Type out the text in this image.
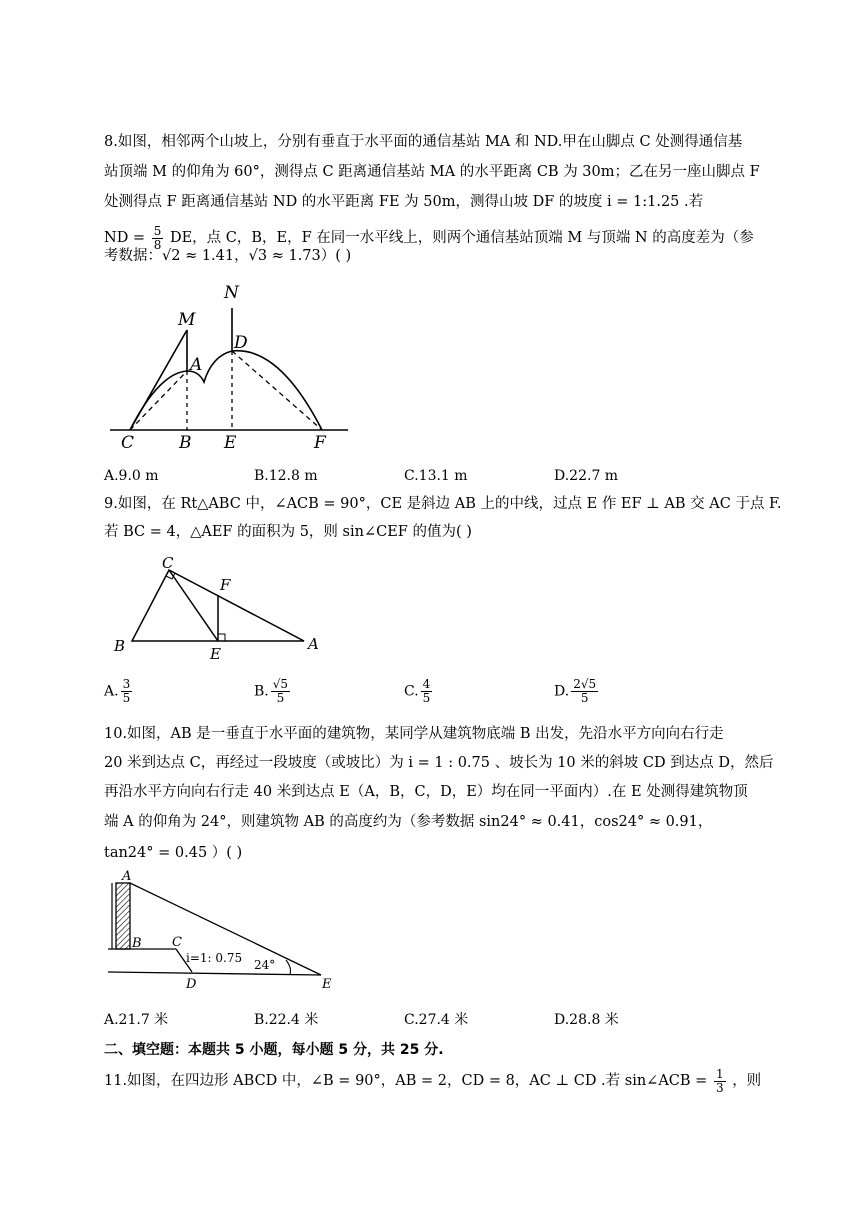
8.如图，相邻两个山坡上，分别有垂直于水平面的通信基站 MA 和 ND.甲在山脚点 C 处测得通信基
站顶端 M 的仰角为 60°，测得点 C 距离通信基站 MA 的水平距离 CB 为 30m；乙在另一座山脚点 F
处测得点 F 距离通信基站 ND 的水平距离 FE 为 50m，测得山坡 DF 的坡度 i = 1:1.25 .若
ND = $\frac{5}{8}$ DE，点 C，B，E，F 在同一水平线上，则两个通信基站顶端 M 与顶端 N 的高度差为（参
考数据：√2 ≈ 1.41，√3 ≈ 1.73）( )
M
N
A
D
C	B E	F
A.9.0 m	B.12.8 m	C.13.1 m	D.22.7 m
9.如图，在 Rt△ABC 中，∠ACB = 90°，CE 是斜边 AB 上的中线，过点 E 作 EF ⊥ AB 交 AC 于点 F.
若 BC = 4，△AEF 的面积为 5，则 sin∠CEF 的值为( )
C
F
B	E
A
A. $\frac{3}{5}$	B. $\frac{√5}{5}$	C. $\frac{4}{5}$	D. $\frac{2√5}{5}$
10.如图，AB 是一垂直于水平面的建筑物，某同学从建筑物底端 B 出发，先沿水平方向向右行走
20 米到达点 C，再经过一段坡度（或坡比）为 i = 1 : 0.75 、坡长为 10 米的斜坡 CD 到达点 D，然后
再沿水平方向向右行走 40 米到达点 E（A，B，C，D，E）均在同一平面内）.在 E 处测得建筑物顶
端 A 的仰角为 24°，则建筑物 AB 的高度约为（参考数据 sin24° ≈ 0.41，cos24° ≈ 0.91，
tan24° = 0.45 ）( )
A
B C
D	E
i=1: 0.75 24°
A.21.7 米	B.22.4 米	C.27.4 米	D.28.8 米
二、填空题：本题共 5 小题，每小题 5 分，共 25 分.
11.如图，在四边形 ABCD 中，∠B = 90°，AB = 2，CD = 8，AC ⊥ CD .若 sin∠ACB = $\frac{1}{3}$ ，则
